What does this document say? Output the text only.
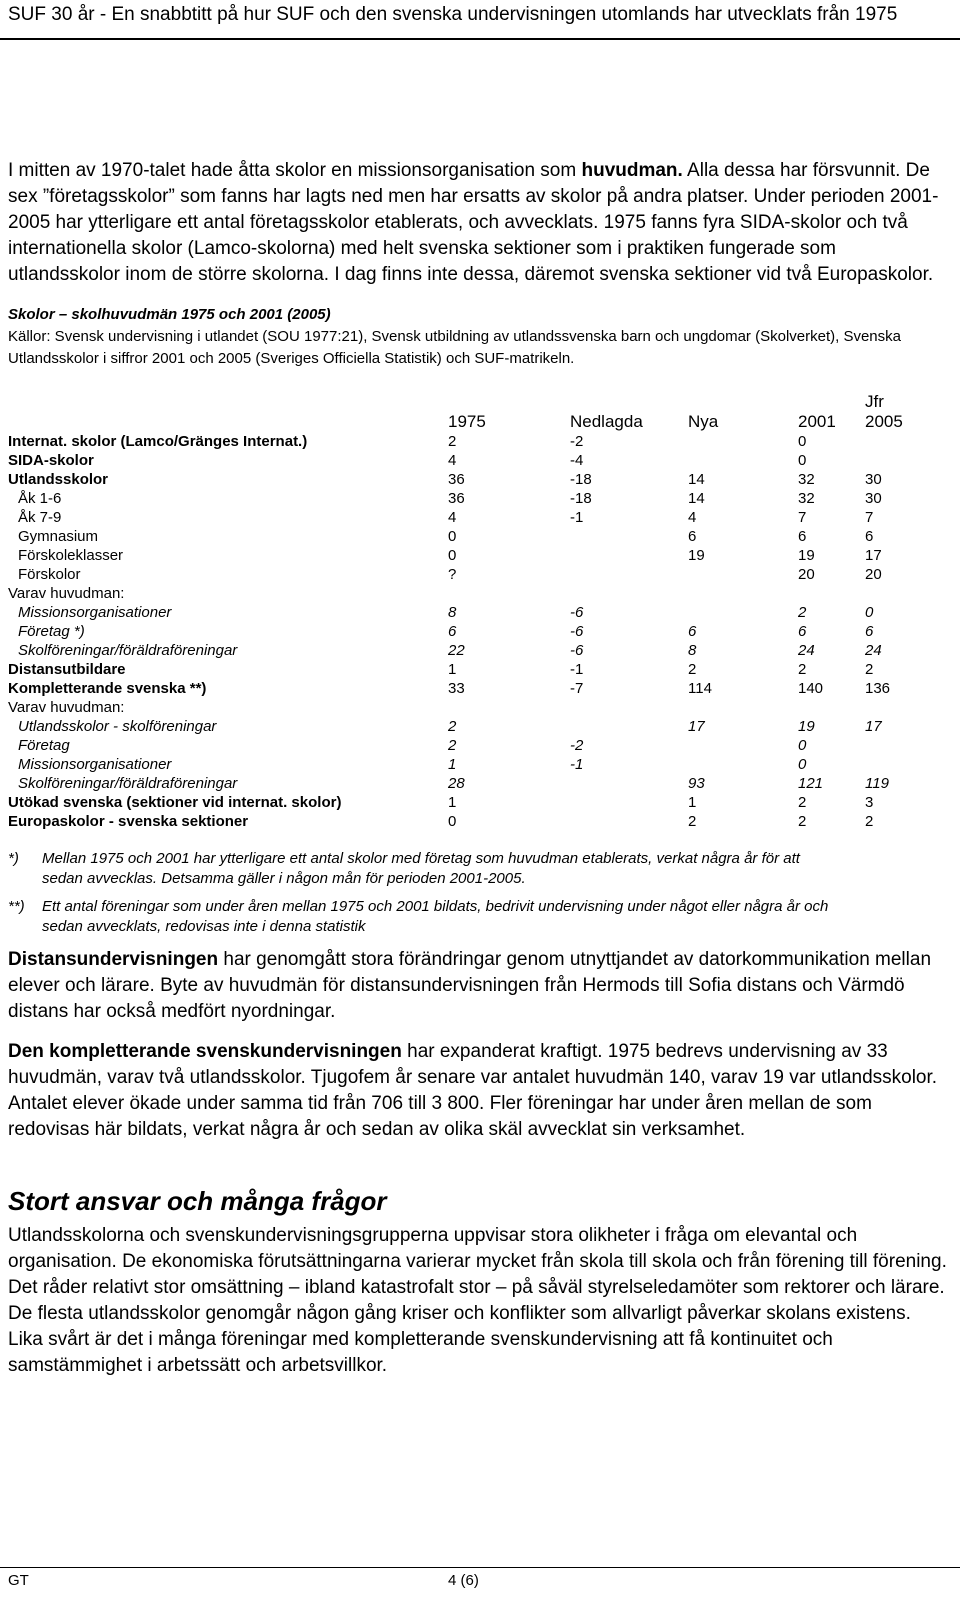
SUF 30 år - En snabbtitt på hur SUF och den svenska undervisningen utomlands har utvecklats från 1975

I mitten av 1970-talet hade åtta skolor en missionsorganisation som huvudman. Alla dessa har försvunnit. De sex ”företagsskolor” som fanns har lagts ned men har ersatts av skolor på andra platser. Under perioden 2001-2005 har ytterligare ett antal företagsskolor etablerats, och avvecklats. 1975 fanns fyra SIDA-skolor och två internationella skolor (Lamco-skolorna) med helt svenska sektioner som i praktiken fungerade som utlandsskolor inom de större skolorna. I dag finns inte dessa, däremot svenska sektioner vid två Europaskolor.

Skolor – skolhuvudmän 1975 och 2001 (2005)
Källor: Svensk undervisning i utlandet (SOU 1977:21), Svensk utbildning av utlandssvenska barn och ungdomar (Skolverket), Svenska Utlandsskolor i siffror 2001 och 2005 (Sveriges Officiella Statistik) och SUF-matrikeln.
	1975	Nedlagda	Nya	2001	Jfr
2005

Internat. skolor (Lamco/Gränges Internat.)	2	-2		0	
SIDA-skolor	4	-4		0	
Utlandsskolor	36	-18	14	32	30
Åk 1-6	36	-18	14	32	30
Åk 7-9	4	-1	4	7	7
Gymnasium	0		6	6	6
Förskoleklasser	0		19	19	17
Förskolor	?			20	20
Varav huvudman:					
Missionsorganisationer	8	-6		2	0
Företag *)	6	-6	6	6	6
Skolföreningar/föräldraföreningar	22	-6	8	24	24
Distansutbildare	1	-1	2	2	2
Kompletterande svenska **)	33	-7	114	140	136
Varav huvudman:					
Utlandsskolor - skolföreningar	2		17	19	17
Företag	2	-2		0	
Missionsorganisationer	1	-1		0	
Skolföreningar/föräldraföreningar	28		93	121	119
Utökad svenska (sektioner vid internat. skolor)	1		1	2	3
Europaskolor - svenska sektioner	0		2	2	2
*)	Mellan 1975 och 2001 har ytterligare ett antal skolor med företag som huvudman etablerats, verkat några år för att sedan avvecklas. Detsamma gäller i någon mån för perioden 2001-2005.
**)	Ett antal föreningar som under åren mellan 1975 och 2001 bildats, bedrivit undervisning under något eller några år och sedan avvecklats, redovisas inte i denna statistik

Distansundervisningen har genomgått stora förändringar genom utnyttjandet av datorkommunikation mellan elever och lärare. Byte av huvudmän för distansundervisningen från Hermods till Sofia distans och Värmdö distans har också medfört nyordningar.

Den kompletterande svenskundervisningen har expanderat kraftigt. 1975 bedrevs undervisning av 33 huvudmän, varav två utlandsskolor. Tjugofem år senare var antalet huvudmän 140, varav 19 var utlandsskolor. Antalet elever ökade under samma tid från 706 till 3 800. Fler föreningar har under åren mellan de som redovisas här bildats, verkat några år och sedan av olika skäl avvecklat sin verksamhet.

Stort ansvar och många frågor

Utlandsskolorna och svenskundervisningsgrupperna uppvisar stora olikheter i fråga om elevantal och organisation. De ekonomiska förutsättningarna varierar mycket från skola till skola och från förening till förening. Det råder relativt stor omsättning – ibland katastrofalt stor – på såväl styrelseledamöter som rektorer och lärare. De flesta utlandsskolor genomgår någon gång kriser och konflikter som allvarligt påverkar skolans existens. Lika svårt är det i många föreningar med kompletterande svenskundervisning att få kontinuitet och samstämmighet i arbetssätt och arbetsvillkor.

GT	4 (6)
